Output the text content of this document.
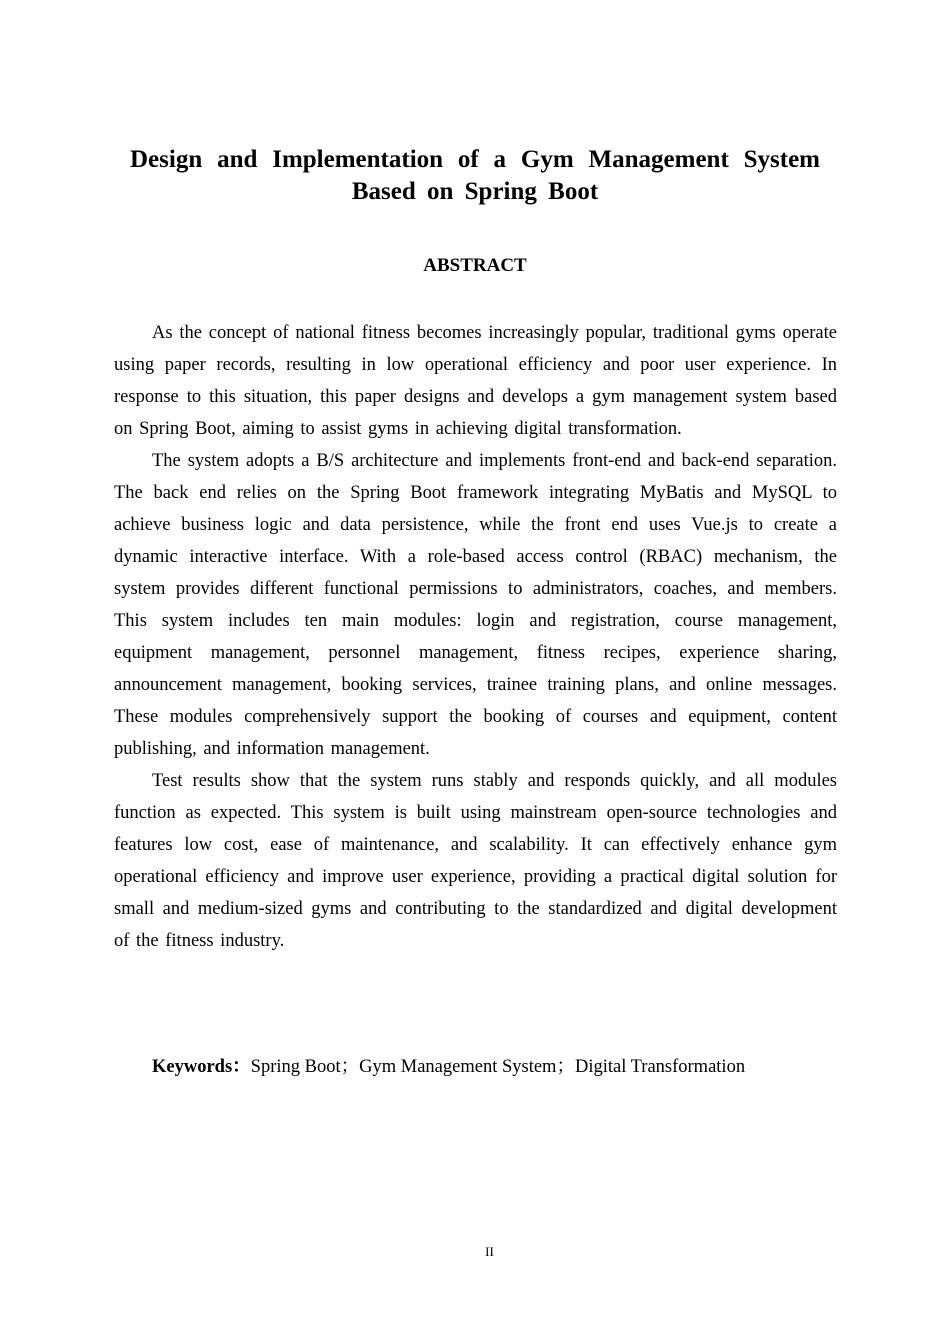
Design and Implementation of a Gym Management System Based on Spring Boot
ABSTRACT

As the concept of national fitness becomes increasingly popular, traditional gyms operate using paper records, resulting in low operational efficiency and poor user experience. In response to this situation, this paper designs and develops a gym management system based on Spring Boot, aiming to assist gyms in achieving digital transformation.

The system adopts a B/S architecture and implements front-end and back-end separation. The back end relies on the Spring Boot framework integrating MyBatis and MySQL to achieve business logic and data persistence, while the front end uses Vue.js to create a dynamic interactive interface. With a role-based access control (RBAC) mechanism, the system provides different functional permissions to administrators, coaches, and members. This system includes ten main modules: login and registration, course management, equipment management, personnel management, fitness recipes, experience sharing, announcement management, booking services, trainee training plans, and online messages. These modules comprehensively support the booking of courses and equipment, content publishing, and information management.

Test results show that the system runs stably and responds quickly, and all modules function as expected. This system is built using mainstream open-source technologies and features low cost, ease of maintenance, and scalability. It can effectively enhance gym operational efficiency and improve user experience, providing a practical digital solution for small and medium-sized gyms and contributing to the standardized and digital development of the fitness industry.

Keywords：Spring Boot；Gym Management System；Digital Transformation
II
